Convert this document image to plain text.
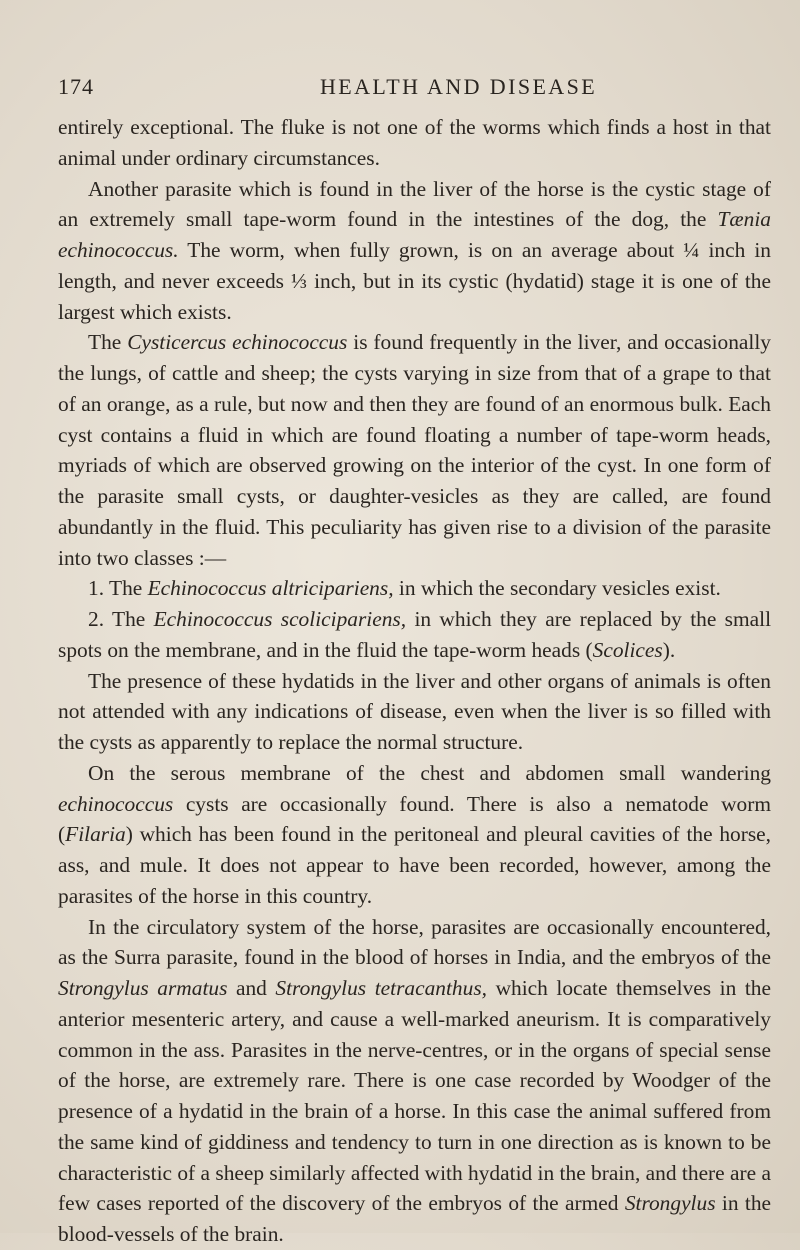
174	HEALTH AND DISEASE

entirely exceptional. The fluke is not one of the worms which finds a host in that animal under ordinary circumstances.

Another parasite which is found in the liver of the horse is the cystic stage of an extremely small tape-worm found in the intestines of the dog, the Tænia echinococcus. The worm, when fully grown, is on an average about ¼ inch in length, and never exceeds ⅓ inch, but in its cystic (hydatid) stage it is one of the largest which exists.

The Cysticercus echinococcus is found frequently in the liver, and occasionally the lungs, of cattle and sheep; the cysts varying in size from that of a grape to that of an orange, as a rule, but now and then they are found of an enormous bulk. Each cyst contains a fluid in which are found floating a number of tape-worm heads, myriads of which are observed growing on the interior of the cyst. In one form of the parasite small cysts, or daughter-vesicles as they are called, are found abundantly in the fluid. This peculiarity has given rise to a division of the parasite into two classes :—

1. The Echinococcus altricipariens, in which the secondary vesicles exist.

2. The Echinococcus scolicipariens, in which they are replaced by the small spots on the membrane, and in the fluid the tape-worm heads (Scolices).

The presence of these hydatids in the liver and other organs of animals is often not attended with any indications of disease, even when the liver is so filled with the cysts as apparently to replace the normal structure.

On the serous membrane of the chest and abdomen small wandering echinococcus cysts are occasionally found. There is also a nematode worm (Filaria) which has been found in the peritoneal and pleural cavities of the horse, ass, and mule. It does not appear to have been recorded, however, among the parasites of the horse in this country.

In the circulatory system of the horse, parasites are occasionally encountered, as the Surra parasite, found in the blood of horses in India, and the embryos of the Strongylus armatus and Strongylus tetracanthus, which locate themselves in the anterior mesenteric artery, and cause a well-marked aneurism. It is comparatively common in the ass. Parasites in the nerve-centres, or in the organs of special sense of the horse, are extremely rare. There is one case recorded by Woodger of the presence of a hydatid in the brain of a horse. In this case the animal suffered from the same kind of giddiness and tendency to turn in one direction as is known to be characteristic of a sheep similarly affected with hydatid in the brain, and there are a few cases reported of the discovery of the embryos of the armed Strongylus in the blood-vessels of the brain.
